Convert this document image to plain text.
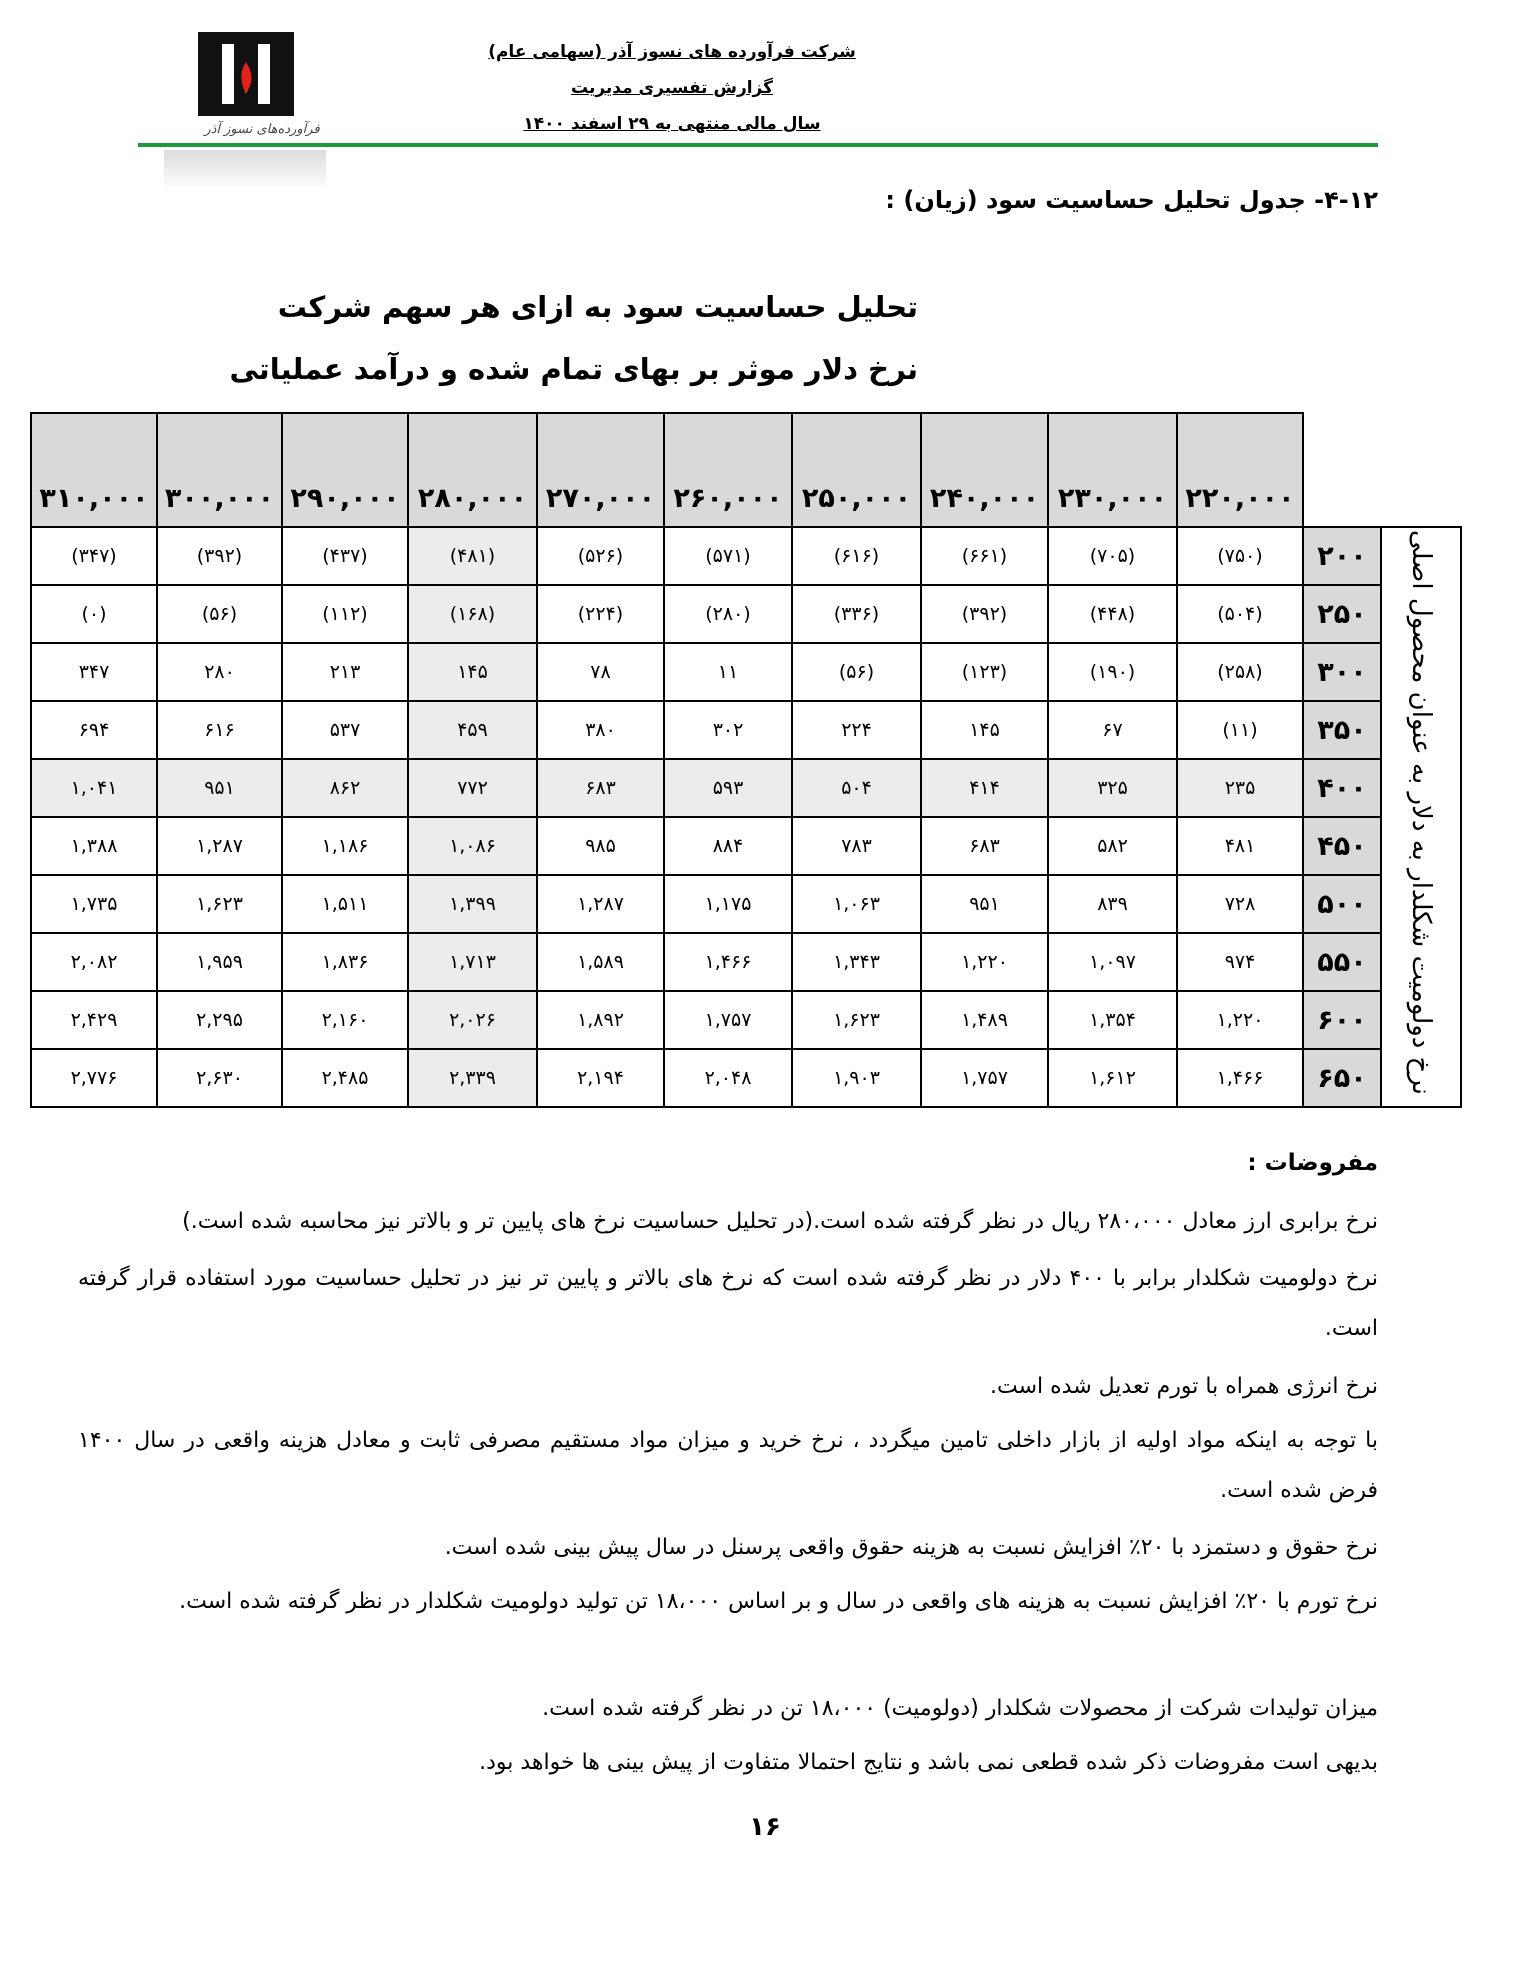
فرآورده‌های نسوز آذر
شرکت فرآورده های نسوز آذر (سهامی عام)
گزارش تفسیری مدیریت
سال مالی منتهی به ۲۹ اسفند ۱۴۰۰
۴-۱۲- جدول تحلیل حساسیت سود (زیان) :
تحلیل حساسیت سود به ازای هر سهم شرکت
نرخ دلار موثر بر بهای تمام شده و درآمد عملیاتی
۳۱۰,۰۰۰	۳۰۰,۰۰۰	۲۹۰,۰۰۰	۲۸۰,۰۰۰	۲۷۰,۰۰۰	۲۶۰,۰۰۰	۲۵۰,۰۰۰	۲۴۰,۰۰۰	۲۳۰,۰۰۰	۲۲۰,۰۰۰		
(۳۴۷)	(۳۹۲)	(۴۳۷)	(۴۸۱)	(۵۲۶)	(۵۷۱)	(۶۱۶)	(۶۶۱)	(۷۰۵)	(۷۵۰)	۲۰۰	نرخ دولومیت شکلدار به دلار به عنوان محصول اصلی

(۰)	(۵۶)	(۱۱۲)	(۱۶۸)	(۲۲۴)	(۲۸۰)	(۳۳۶)	(۳۹۲)	(۴۴۸)	(۵۰۴)	۲۵۰	
۳۴۷	۲۸۰	۲۱۳	۱۴۵	۷۸	۱۱	(۵۶)	(۱۲۳)	(۱۹۰)	(۲۵۸)	۳۰۰	
۶۹۴	۶۱۶	۵۳۷	۴۵۹	۳۸۰	۳۰۲	۲۲۴	۱۴۵	۶۷	(۱۱)	۳۵۰	
۱,۰۴۱	۹۵۱	۸۶۲	۷۷۲	۶۸۳	۵۹۳	۵۰۴	۴۱۴	۳۲۵	۲۳۵	۴۰۰	
۱,۳۸۸	۱,۲۸۷	۱,۱۸۶	۱,۰۸۶	۹۸۵	۸۸۴	۷۸۳	۶۸۳	۵۸۲	۴۸۱	۴۵۰	
۱,۷۳۵	۱,۶۲۳	۱,۵۱۱	۱,۳۹۹	۱,۲۸۷	۱,۱۷۵	۱,۰۶۳	۹۵۱	۸۳۹	۷۲۸	۵۰۰	
۲,۰۸۲	۱,۹۵۹	۱,۸۳۶	۱,۷۱۳	۱,۵۸۹	۱,۴۶۶	۱,۳۴۳	۱,۲۲۰	۱,۰۹۷	۹۷۴	۵۵۰	
۲,۴۲۹	۲,۲۹۵	۲,۱۶۰	۲,۰۲۶	۱,۸۹۲	۱,۷۵۷	۱,۶۲۳	۱,۴۸۹	۱,۳۵۴	۱,۲۲۰	۶۰۰	
۲,۷۷۶	۲,۶۳۰	۲,۴۸۵	۲,۳۳۹	۲,۱۹۴	۲,۰۴۸	۱,۹۰۳	۱,۷۵۷	۱,۶۱۲	۱,۴۶۶	۶۵۰	
مفروضات :
نرخ برابری ارز معادل ۲۸۰،۰۰۰ ریال در نظر گرفته شده است.(در تحلیل حساسیت نرخ های پایین تر و بالاتر نیز محاسبه شده است.)
نرخ دولومیت شکلدار برابر با ۴۰۰ دلار در نظر گرفته شده است که نرخ های بالاتر و پایین تر نیز در تحلیل حساسیت مورد استفاده قرار گرفته است.
نرخ انرژی همراه با تورم تعدیل شده است.
با توجه به اینکه مواد اولیه از بازار داخلی تامین میگردد ، نرخ خرید و میزان مواد مستقیم مصرفی ثابت و معادل هزینه واقعی در سال ۱۴۰۰ فرض شده است.
نرخ حقوق و دستمزد با ۲۰٪ افزایش نسبت به هزینه حقوق واقعی پرسنل در سال پیش بینی شده است.
نرخ تورم با ۲۰٪ افزایش نسبت به هزینه های واقعی در سال و بر اساس ۱۸،۰۰۰ تن تولید دولومیت شکلدار در نظر گرفته شده است.
میزان تولیدات شرکت از محصولات شکلدار (دولومیت) ۱۸،۰۰۰ تن در نظر گرفته شده است.
بدیهی است مفروضات ذکر شده قطعی نمی باشد و نتایج احتمالا متفاوت از پیش بینی ها خواهد بود.
۱۶
